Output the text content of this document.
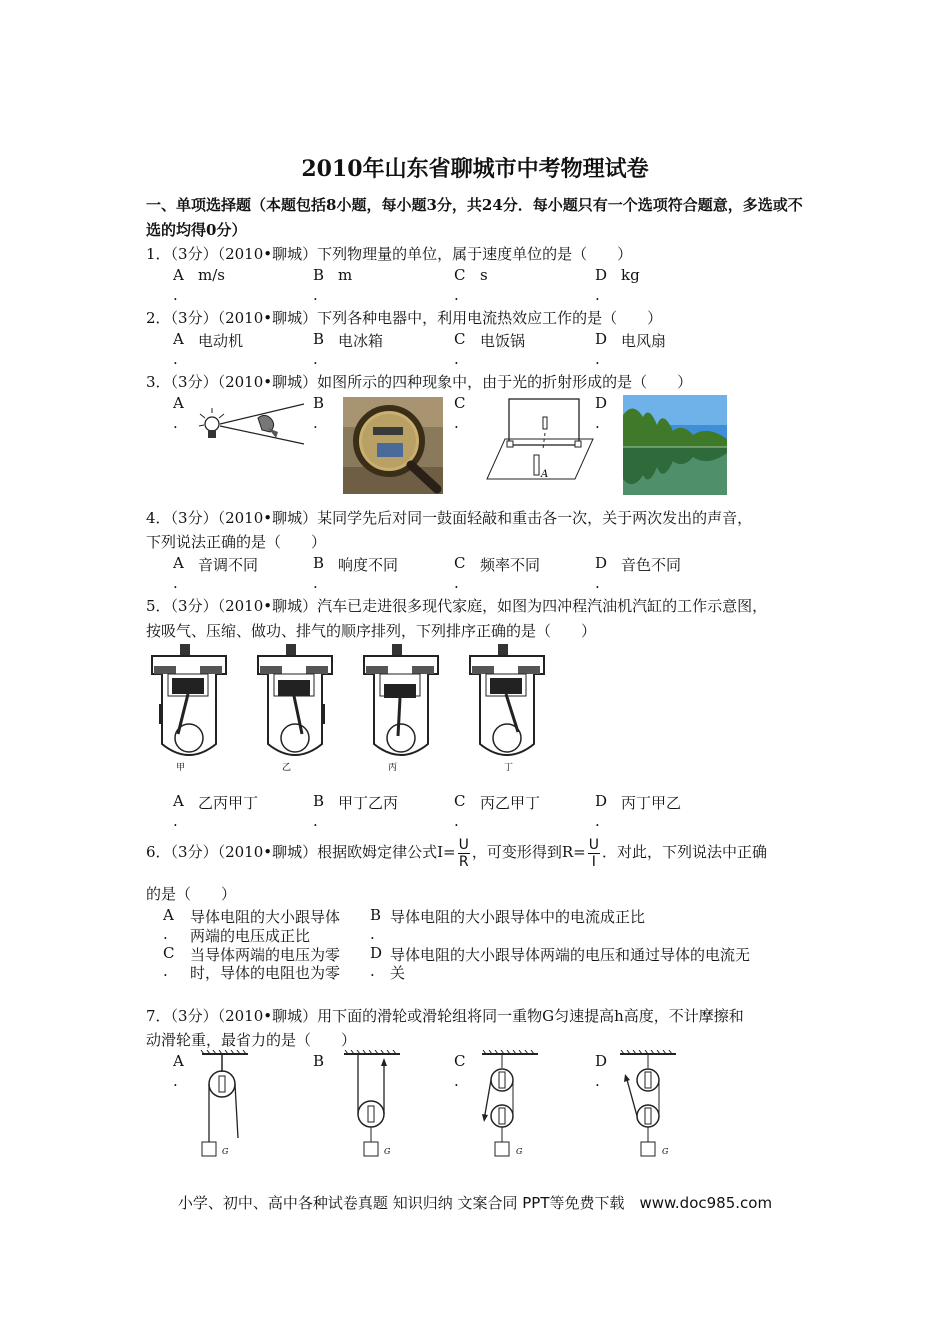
2010年山东省聊城市中考物理试卷
一、单项选择题（本题包括8小题，每小题3分，共24分．每小题只有一个选项符合题意，多选或不选的均得0分）
1．（3分）（2010•聊城）下列物理量的单位，属于速度单位的是（　　）
A m/s	B m	C s	D kg
.	.	.	.
2．（3分）（2010•聊城）下列各种电器中，利用电流热效应工作的是（　　）
A 电动机	B 电冰箱	C 电饭锅	D 电风扇
.	.	.	.
3．（3分）（2010•聊城）如图所示的四种现象中，由于光的折射形成的是（　　）
A	B	C	D
.	.	.	.
A
4．（3分）（2010•聊城）某同学先后对同一鼓面轻敲和重击各一次，关于两次发出的声音，
下列说法正确的是（　　）
A 音调不同	B 响度不同	C 频率不同	D 音色不同
.	.	.	.
5．（3分）（2010•聊城）汽车已走进很多现代家庭，如图为四冲程汽油机汽缸的工作示意图，
按吸气、压缩、做功、排气的顺序排列，下列排序正确的是（　　）
甲	乙	丙	丁
A 乙丙甲丁	B 甲丁乙丙	C 丙乙甲丁	D 丙丁甲乙
.	.	.	.
6．（3分）（2010•聊城）根据欧姆定律公式$I= \frac{U}{R}$ ，可变形得到$R= \frac{U}{I}$ ．对此，下列说法中正确
的是（　　）
A 导体电阻的大小跟导体
. 两端的电压成正比
B 导体电阻的大小跟导体中的电流成正比
.
C 当导体两端的电压为零
. 时，导体的电阻也为零
D 导体电阻的大小跟导体两端的电压和通过导体的电流无
. 关
7．（3分）（2010•聊城）用下面的滑轮或滑轮组将同一重物G匀速提高h高度，不计摩擦和
动滑轮重，最省力的是（　　）
A	B	C	D
.	.	.
G	G	G	G
小学、初中、高中各种试卷真题 知识归纳 文案合同 PPT等免费下载　www.doc985.com
